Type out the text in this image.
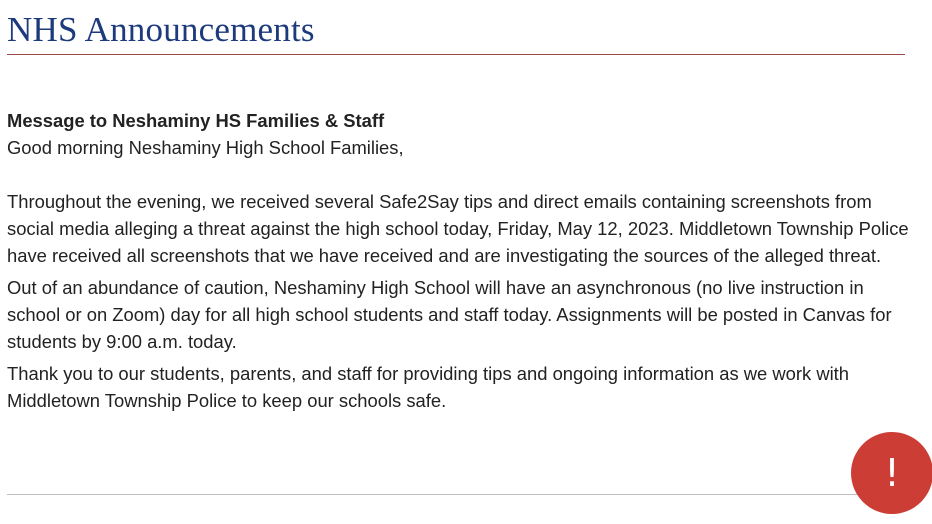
NHS Announcements

Message to Neshaminy HS Families & Staff

Good morning Neshaminy High School Families,

Throughout the evening, we received several Safe2Say tips and direct emails containing screenshots from social media alleging a threat against the high school today, Friday, May 12, 2023. Middletown Township Police have received all screenshots that we have received and are investigating the sources of the alleged threat.

Out of an abundance of caution, Neshaminy High School will have an asynchronous (no live instruction in school or on Zoom) day for all high school students and staff today. Assignments will be posted in Canvas for students by 9:00 a.m. today.

Thank you to our students, parents, and staff for providing tips and ongoing information as we work with Middletown Township Police to keep our schools safe.

!
